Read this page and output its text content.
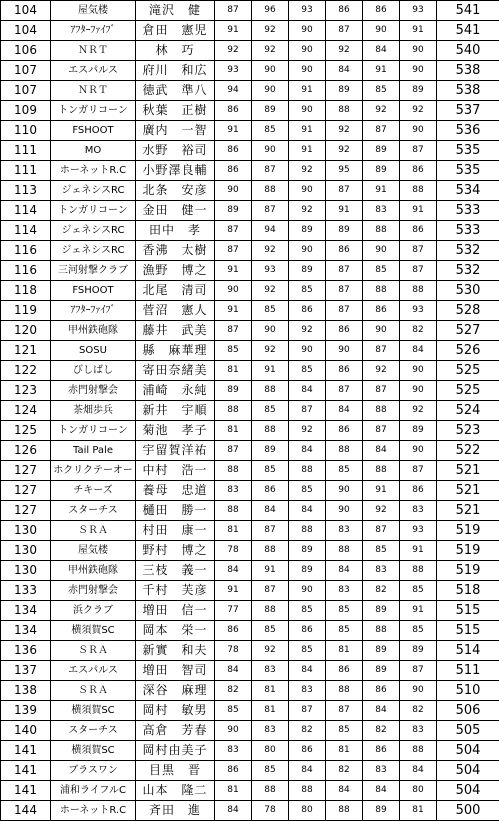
104	屋気楼	滝沢　健	87	96	93	86	86	93	541
104	ｱﾌﾀｰﾌｧｲﾌﾞ	倉田　憲児	91	92	90	87	90	91	541
106	ＮＲＴ	林　巧	92	92	90	92	84	90	540
107	エスパルス	府川　和広	93	90	90	84	91	90	538
107	ＮＲＴ	徳武　準八	94	90	91	89	85	89	538
109	トンガリコーン	秋葉　正樹	86	89	90	88	92	92	537
110	FSHOOT	廣内　一智	91	85	91	92	87	90	536
111	MO	水野　裕司	86	90	91	92	89	87	535
111	ホーネットR.C	小野澤良輔	86	87	92	95	89	86	535
113	ジェネシスRC	北条　安彦	90	88	90	87	91	88	534
114	トンガリコーン	金田　健一	89	87	92	91	83	91	533
114	ジェネシスRC	田中　孝	87	94	89	89	88	86	533
116	ジェネシスRC	香沸　太樹	87	92	90	86	90	87	532
116	三河射撃クラブ	漁野　博之	91	93	89	87	85	87	532
118	FSHOOT	北尾　清司	90	92	85	87	88	88	530
119	ｱﾌﾀｰﾌｧｲﾌﾞ	菅沼　憲人	91	85	86	87	86	93	528
120	甲州鉄砲隊	藤井　武美	87	90	92	86	90	82	527
121	SOSU	縣　麻華理	85	92	90	90	87	84	526
122	びしばし	寄田奈緒美	81	91	85	86	92	90	525
123	赤門射撃会	浦崎　永純	89	88	84	87	87	90	525
124	茶畑歩兵	新井　宇順	88	85	87	84	88	92	524
125	トンガリコーン	菊池　孝子	81	88	92	86	87	89	523
126	Tail Pale	宇留賀洋祐	87	89	84	88	84	90	522
127	ホクリクテーオー	中村　浩一	88	85	88	85	88	87	521
127	チキーズ	養母　忠道	83	86	85	90	91	86	521
127	スターチス	樋田　勝一	88	84	84	90	92	83	521
130	ＳＲＡ	村田　康一	81	87	88	83	87	93	519
130	屋気楼	野村　博之	78	88	89	88	85	91	519
130	甲州鉄砲隊	三枝　義一	84	91	89	84	83	88	519
133	赤門射撃会	千村　芙彦	91	87	90	83	82	85	518
134	浜クラブ	増田　信一	77	88	85	85	89	91	515
134	横須賀SC	岡本　栄一	86	85	86	85	88	85	515
136	ＳＲＡ	新實　和夫	78	92	85	81	89	89	514
137	エスパルス	増田　智司	84	83	84	86	89	87	511
138	ＳＲＡ	深谷　麻理	82	81	83	88	86	90	510
139	横須賀SC	岡村　敏男	85	81	87	87	84	82	506
140	スターチス	高倉　芳春	90	83	82	85	82	83	505
141	横須賀SC	岡村由美子	83	80	86	81	86	88	504
141	ブラスワン	目黒　晋	86	85	84	82	83	84	504
141	浦和ライフルC	山本　隆二	81	88	88	84	84	80	504
144	ホーネットR.C	斉田　進	84	78	80	88	89	81	500
